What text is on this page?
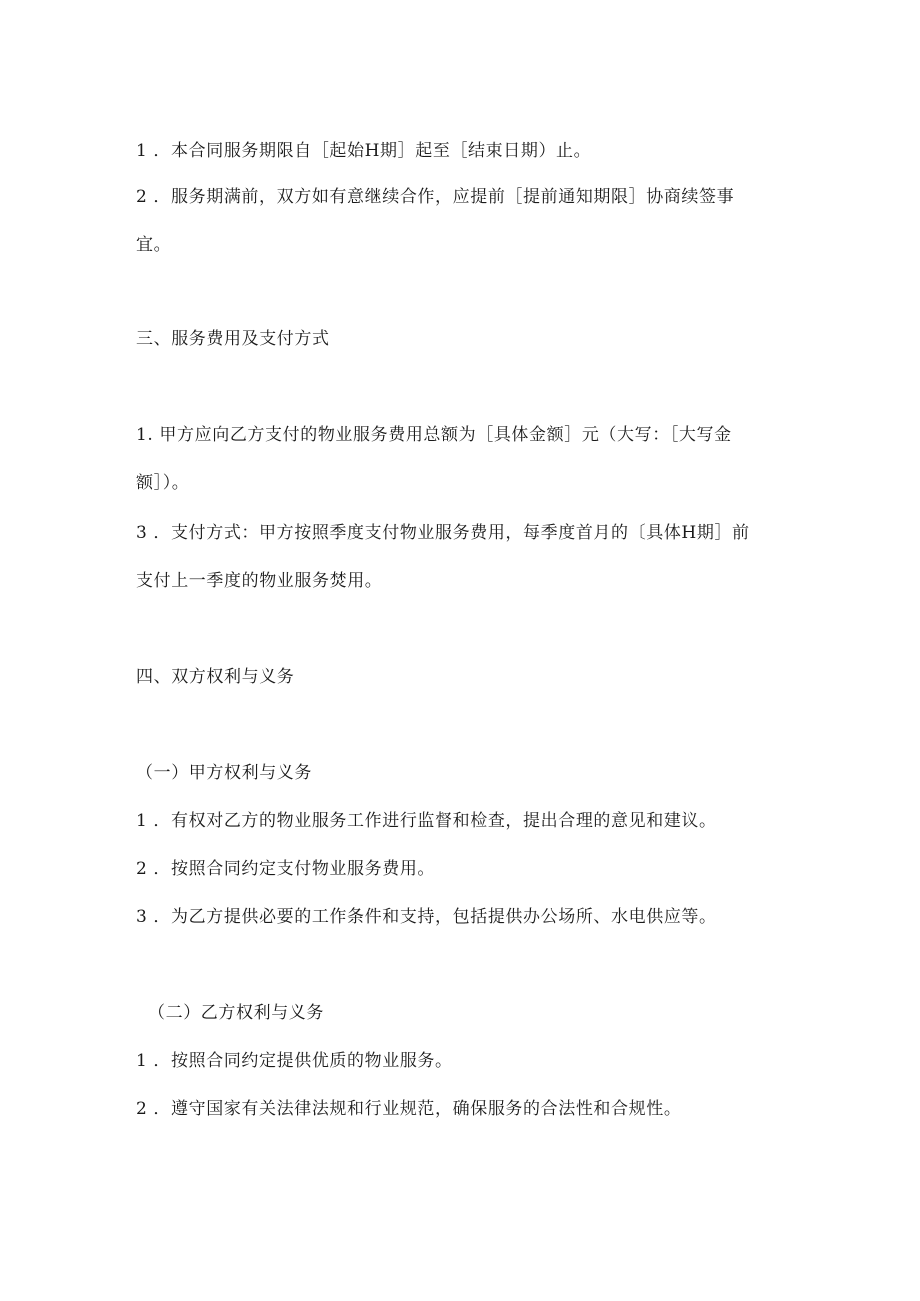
1 ．本合同服务期限自［起始H期］起至［结束日期）止。
2 ．服务期满前，双方如有意继续合作，应提前［提前通知期限］协商续签事
宜。
三、服务费用及支付方式
1. 甲方应向乙方支付的物业服务费用总额为［具体金额］元（大写：［大写金
额］）。
3 ．支付方式：甲方按照季度支付物业服务费用，每季度首月的〔具体H期］前
支付上一季度的物业服务焚用。
四、双方权利与义务
（一）甲方权利与义务
1 ．有权对乙方的物业服务工作进行监督和检查，提出合理的意见和建议。
2 ．按照合同约定支付物业服务费用。
3 ．为乙方提供必要的工作条件和支持，包括提供办公场所、水电供应等。
（二）乙方权利与义务
1 ．按照合同约定提供优质的物业服务。
2 ．遵守国家有关法律法规和行业规范，确保服务的合法性和合规性。
